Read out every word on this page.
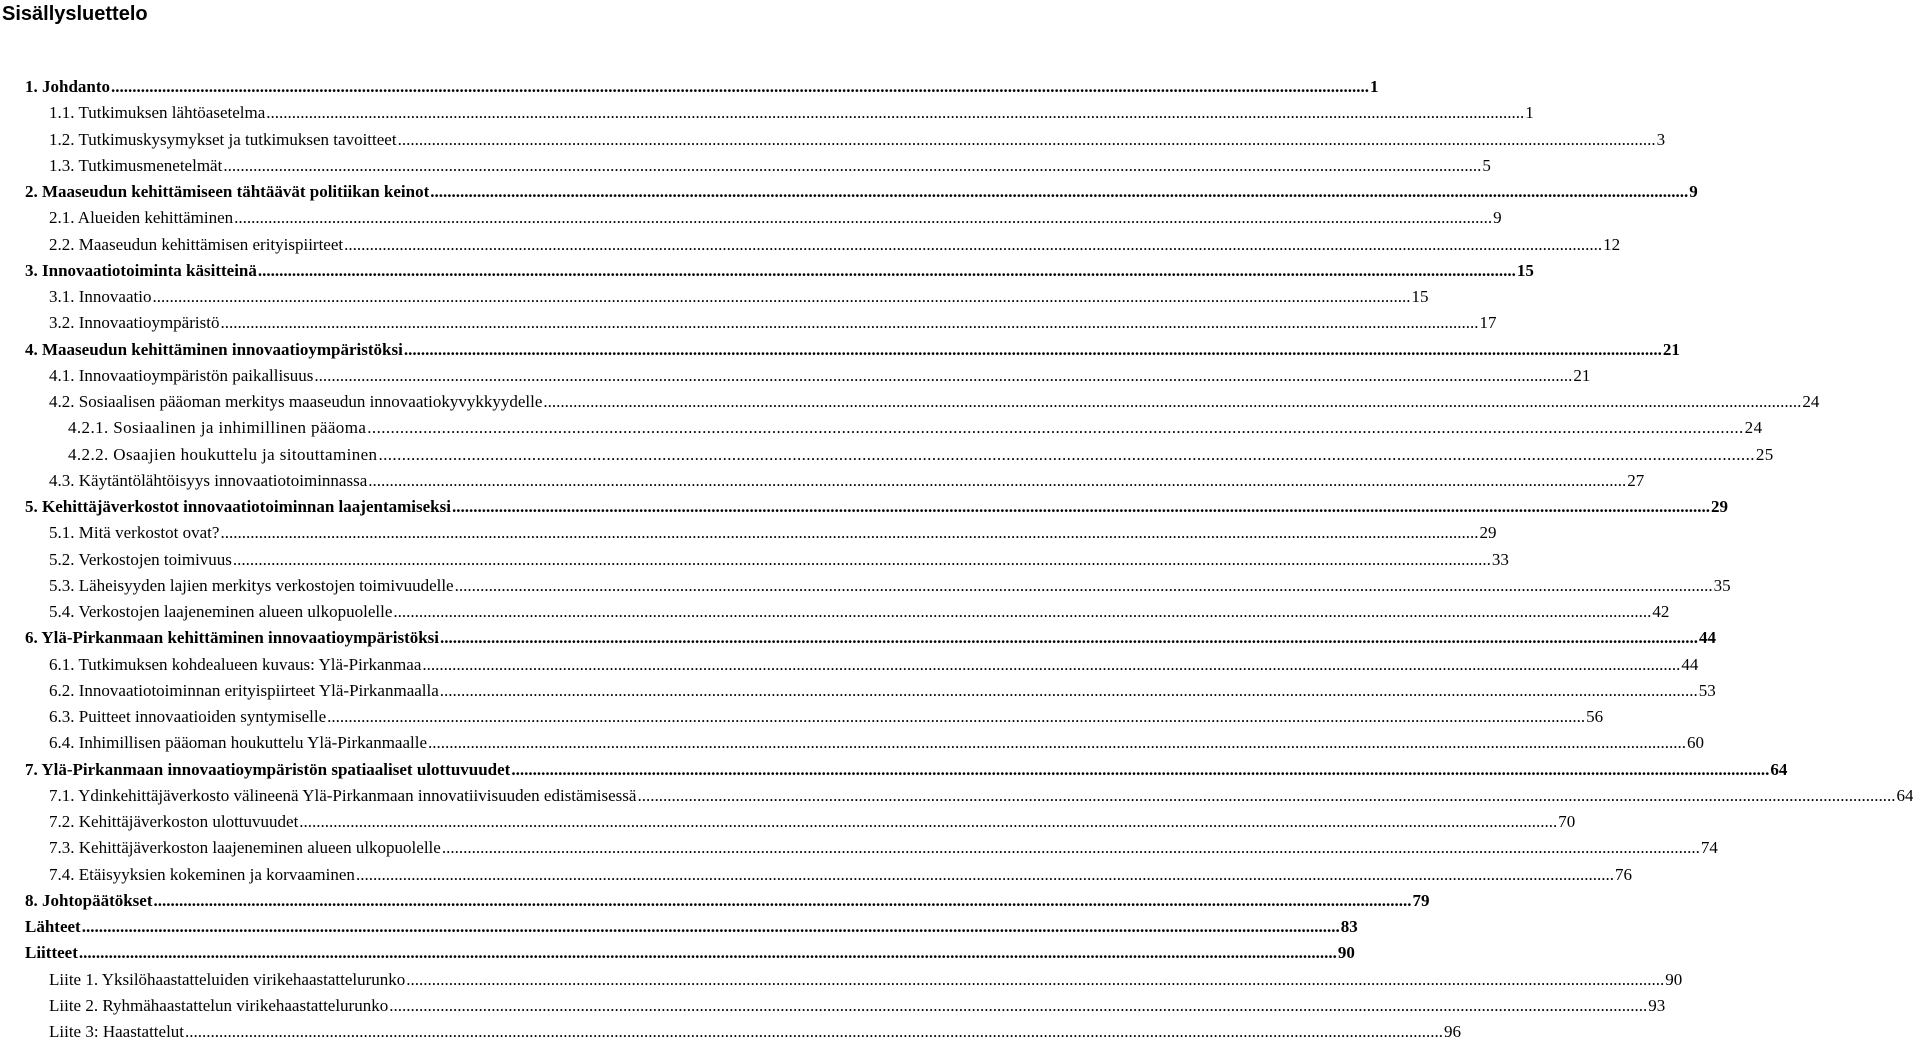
Sisällysluettelo
1. Johdanto .....	1
1.1. Tutkimuksen lähtöasetelma .....	1
1.2. Tutkimuskysymykset ja tutkimuksen tavoitteet .....	3
1.3. Tutkimusmenetelmät .....	5
2. Maaseudun kehittämiseen tähtäävät politiikan keinot .....	9
2.1. Alueiden kehittäminen .....	9
2.2. Maaseudun kehittämisen erityispiirteet .....	12
3. Innovaatiotoiminta käsitteinä .....	15
3.1. Innovaatio .....	15
3.2. Innovaatioympäristö .....	17
4. Maaseudun kehittäminen innovaatioympäristöksi .....	21
4.1. Innovaatioympäristön paikallisuus .....	21
4.2. Sosiaalisen pääoman merkitys maaseudun innovaatiokyvykkyydelle .....	24
4.2.1. Sosiaalinen ja inhimillinen pääoma .....	24
4.2.2. Osaajien houkuttelu ja sitouttaminen .....	25
4.3. Käytäntölähtöisyys innovaatiotoiminnassa .....	27
5. Kehittäjäverkostot innovaatiotoiminnan laajentamiseksi .....	29
5.1. Mitä verkostot ovat? .....	29
5.2. Verkostojen toimivuus .....	33
5.3. Läheisyyden lajien merkitys verkostojen toimivuudelle .....	35
5.4. Verkostojen laajeneminen alueen ulkopuolelle .....	42
6. Ylä-Pirkanmaan kehittäminen innovaatioympäristöksi .....	44
6.1. Tutkimuksen kohdealueen kuvaus: Ylä-Pirkanmaa .....	44
6.2. Innovaatiotoiminnan erityispiirteet Ylä-Pirkanmaalla .....	53
6.3. Puitteet innovaatioiden syntymiselle .....	56
6.4. Inhimillisen pääoman houkuttelu Ylä-Pirkanmaalle .....	60
7. Ylä-Pirkanmaan innovaatioympäristön spatiaaliset ulottuvuudet .....	64
7.1. Ydinkehittäjäverkosto välineenä Ylä-Pirkanmaan innovatiivisuuden edistämisessä .....	64
7.2. Kehittäjäverkoston ulottuvuudet .....	70
7.3. Kehittäjäverkoston laajeneminen alueen ulkopuolelle .....	74
7.4. Etäisyyksien kokeminen ja korvaaminen .....	76
8. Johtopäätökset .....	79
Lähteet .....	83
Liitteet .....	90
Liite 1. Yksilöhaastatteluiden virikehaastattelurunko .....	90
Liite 2. Ryhmähaastattelun virikehaastattelurunko .....	93
Liite 3: Haastattelut .....	96
